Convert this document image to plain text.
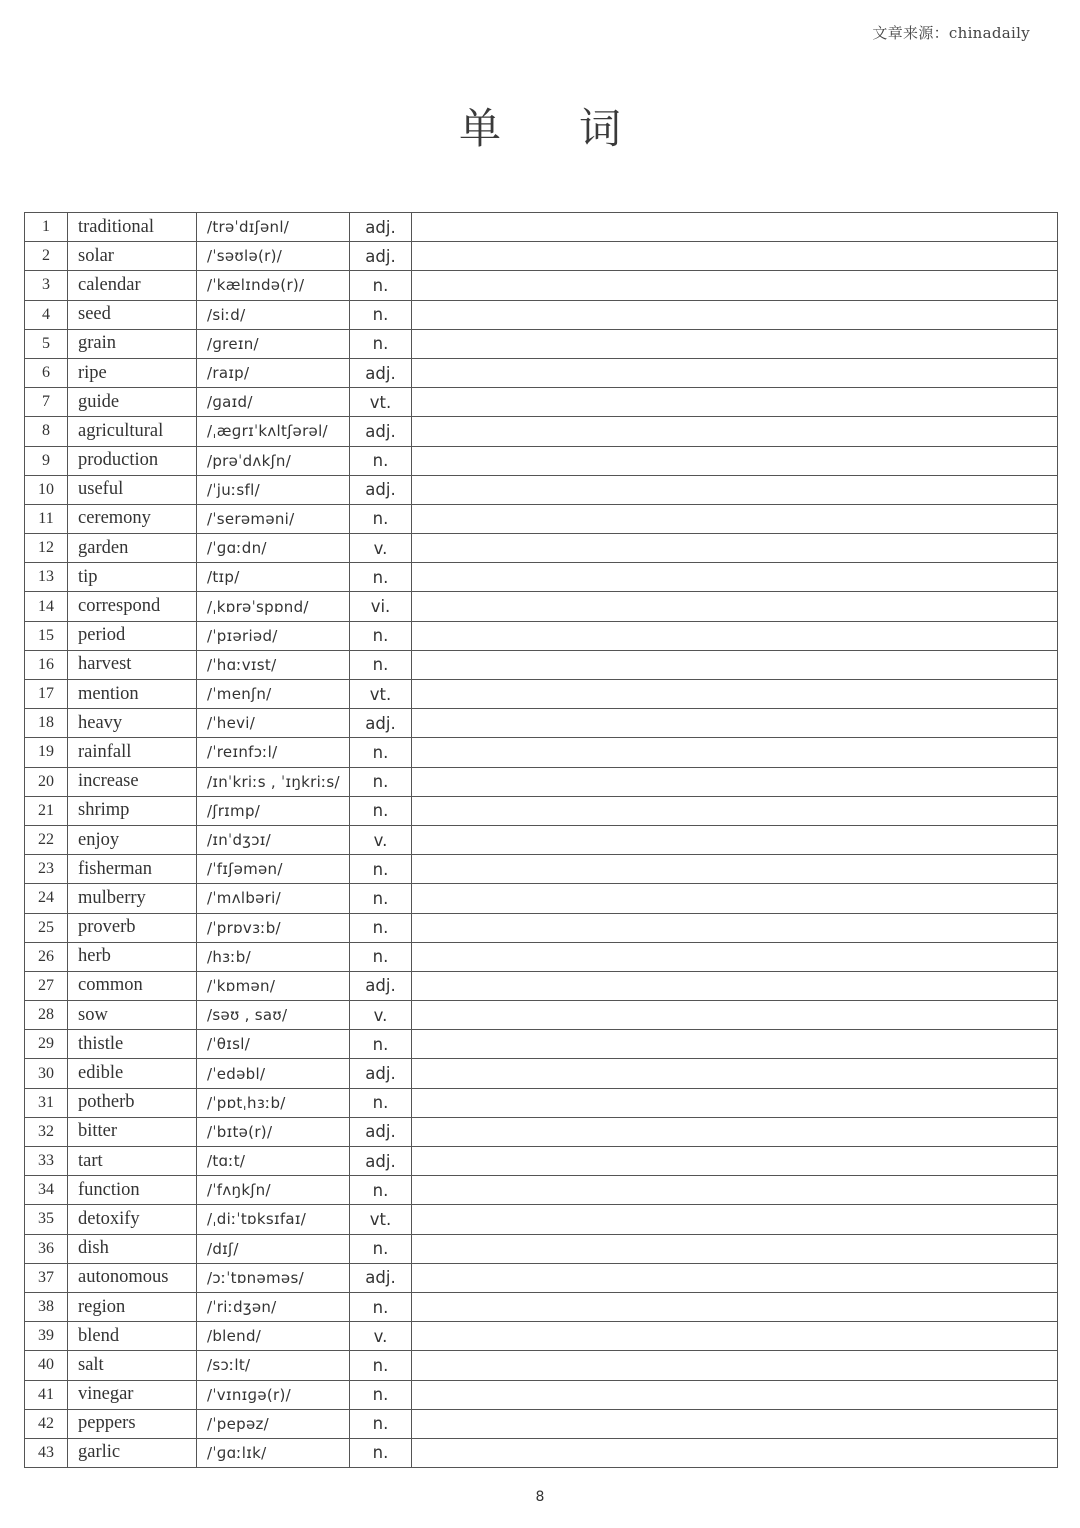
文章来源：chinadaily
单词
1	traditional	/trəˈdɪʃənl/	adj.	
2	solar	/ˈsəʊlə(r)/	adj.	
3	calendar	/ˈkælɪndə(r)/	n.	
4	seed	/siːd/	n.	
5	grain	/ɡreɪn/	n.	
6	ripe	/raɪp/	adj.	
7	guide	/ɡaɪd/	vt.	
8	agricultural	/ˌæɡrɪˈkʌltʃərəl/	adj.	
9	production	/prəˈdʌkʃn/	n.	
10	useful	/ˈjuːsfl/	adj.	
11	ceremony	/ˈserəməni/	n.	
12	garden	/ˈɡɑːdn/	v.	
13	tip	/tɪp/	n.	
14	correspond	/ˌkɒrəˈspɒnd/	vi.	
15	period	/ˈpɪəriəd/	n.	
16	harvest	/ˈhɑːvɪst/	n.	
17	mention	/ˈmenʃn/	vt.	
18	heavy	/ˈhevi/	adj.	
19	rainfall	/ˈreɪnfɔːl/	n.	
20	increase	/ɪnˈkriːs , ˈɪŋkriːs/	n.	
21	shrimp	/ʃrɪmp/	n.	
22	enjoy	/ɪnˈdʒɔɪ/	v.	
23	fisherman	/ˈfɪʃəmən/	n.	
24	mulberry	/ˈmʌlbəri/	n.	
25	proverb	/ˈprɒvɜːb/	n.	
26	herb	/hɜːb/	n.	
27	common	/ˈkɒmən/	adj.	
28	sow	/səʊ , saʊ/	v.	
29	thistle	/ˈθɪsl/	n.	
30	edible	/ˈedəbl/	adj.	
31	potherb	/ˈpɒtˌhɜːb/	n.	
32	bitter	/ˈbɪtə(r)/	adj.	
33	tart	/tɑːt/	adj.	
34	function	/ˈfʌŋkʃn/	n.	
35	detoxify	/ˌdiːˈtɒksɪfaɪ/	vt.	
36	dish	/dɪʃ/	n.	
37	autonomous	/ɔːˈtɒnəməs/	adj.	
38	region	/ˈriːdʒən/	n.	
39	blend	/blend/	v.	
40	salt	/sɔːlt/	n.	
41	vinegar	/ˈvɪnɪɡə(r)/	n.	
42	peppers	/ˈpepəz/	n.	
43	garlic	/ˈɡɑːlɪk/	n.	
8
